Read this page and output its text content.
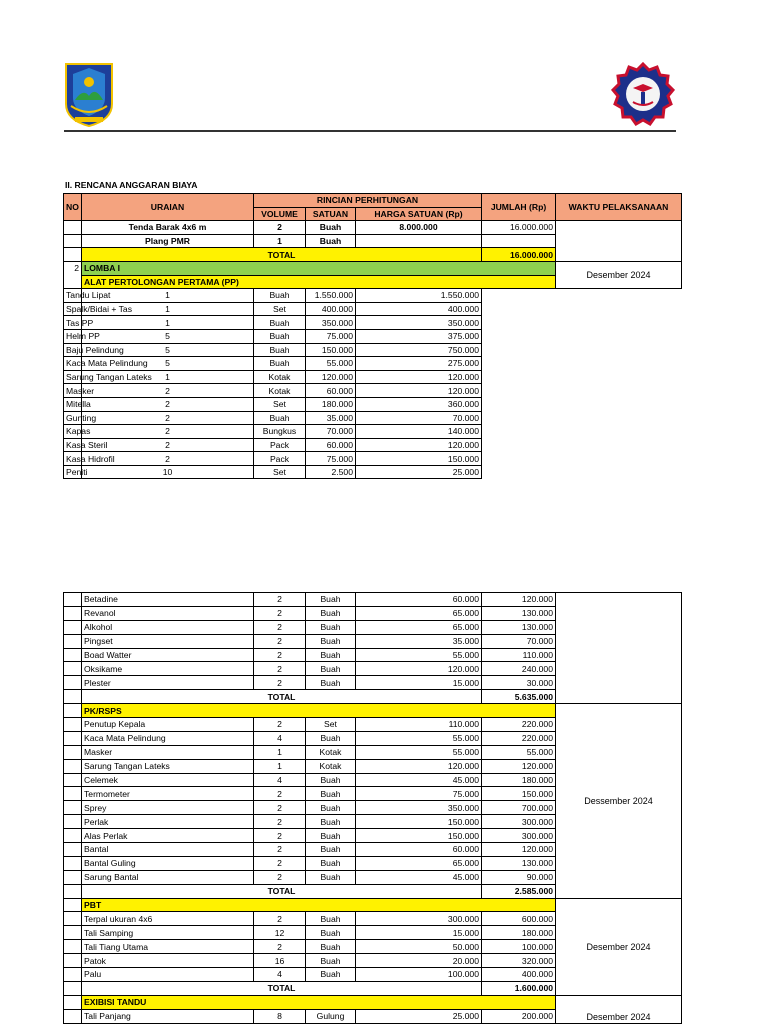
II. RENCANA ANGGARAN BIAYA
NO	URAIAN	RINCIAN PERHITUNGAN			JUMLAH (Rp)	WAKTU PELAKSANAAN
		VOLUME	SATUAN	HARGA SATUAN (Rp)		
	Tenda Barak 4x6 m	2	Buah	8.000.000	16.000.000	
	Plang PMR	1	Buah			
	TOTAL				16.000.000	
2	LOMBA I					Desember 2024
	ALAT PERTOLONGAN PERTAMA (PP)					
Tandu Lipat	1	Buah	1.550.000	1.550.000		
Spalk/Bidai + Tas	1	Set	400.000	400.000		
Tas PP	1	Buah	350.000	350.000		
Helm PP	5	Buah	75.000	375.000		
Baju Pelindung	5	Buah	150.000	750.000		
Kaca Mata Pelindung	5	Buah	55.000	275.000		
Sarung Tangan Lateks	1	Kotak	120.000	120.000		
Masker	2	Kotak	60.000	120.000		
Mitella	2	Set	180.000	360.000		
Gunting	2	Buah	35.000	70.000		
Kapas	2	Bungkus	70.000	140.000		
Kasa Steril	2	Pack	60.000	120.000		
Kasa Hidrofil	2	Pack	75.000	150.000		
Peniti	10	Set	2.500	25.000		
	Betadine	2	Buah	60.000	120.000	
	Revanol	2	Buah	65.000	130.000	
	Alkohol	2	Buah	65.000	130.000	
	Pingset	2	Buah	35.000	70.000	
	Boad Watter	2	Buah	55.000	110.000	
	Oksikame	2	Buah	120.000	240.000	
	Plester	2	Buah	15.000	30.000	
	TOTAL				5.635.000	
	PK/RSPS					Dessember 2024
	Penutup Kepala	2	Set	110.000	220.000	
	Kaca Mata Pelindung	4	Buah	55.000	220.000	
	Masker	1	Kotak	55.000	55.000	
	Sarung Tangan Lateks	1	Kotak	120.000	120.000	
	Celemek	4	Buah	45.000	180.000	
	Termometer	2	Buah	75.000	150.000	
	Sprey	2	Buah	350.000	700.000	
	Perlak	2	Buah	150.000	300.000	
	Alas Perlak	2	Buah	150.000	300.000	
	Bantal	2	Buah	60.000	120.000	
	Bantal Guling	2	Buah	65.000	130.000	
	Sarung Bantal	2	Buah	45.000	90.000	
	TOTAL				2.585.000	
	PBT					Desember 2024
	Terpal ukuran 4x6	2	Buah	300.000	600.000	
	Tali Samping	12	Buah	15.000	180.000	
	Tali Tiang Utama	2	Buah	50.000	100.000	
	Patok	16	Buah	20.000	320.000	
	Palu	4	Buah	100.000	400.000	
	TOTAL				1.600.000	
	EXIBISI TANDU					Desember 2024
	Tali Panjang	8	Gulung	25.000	200.000	
